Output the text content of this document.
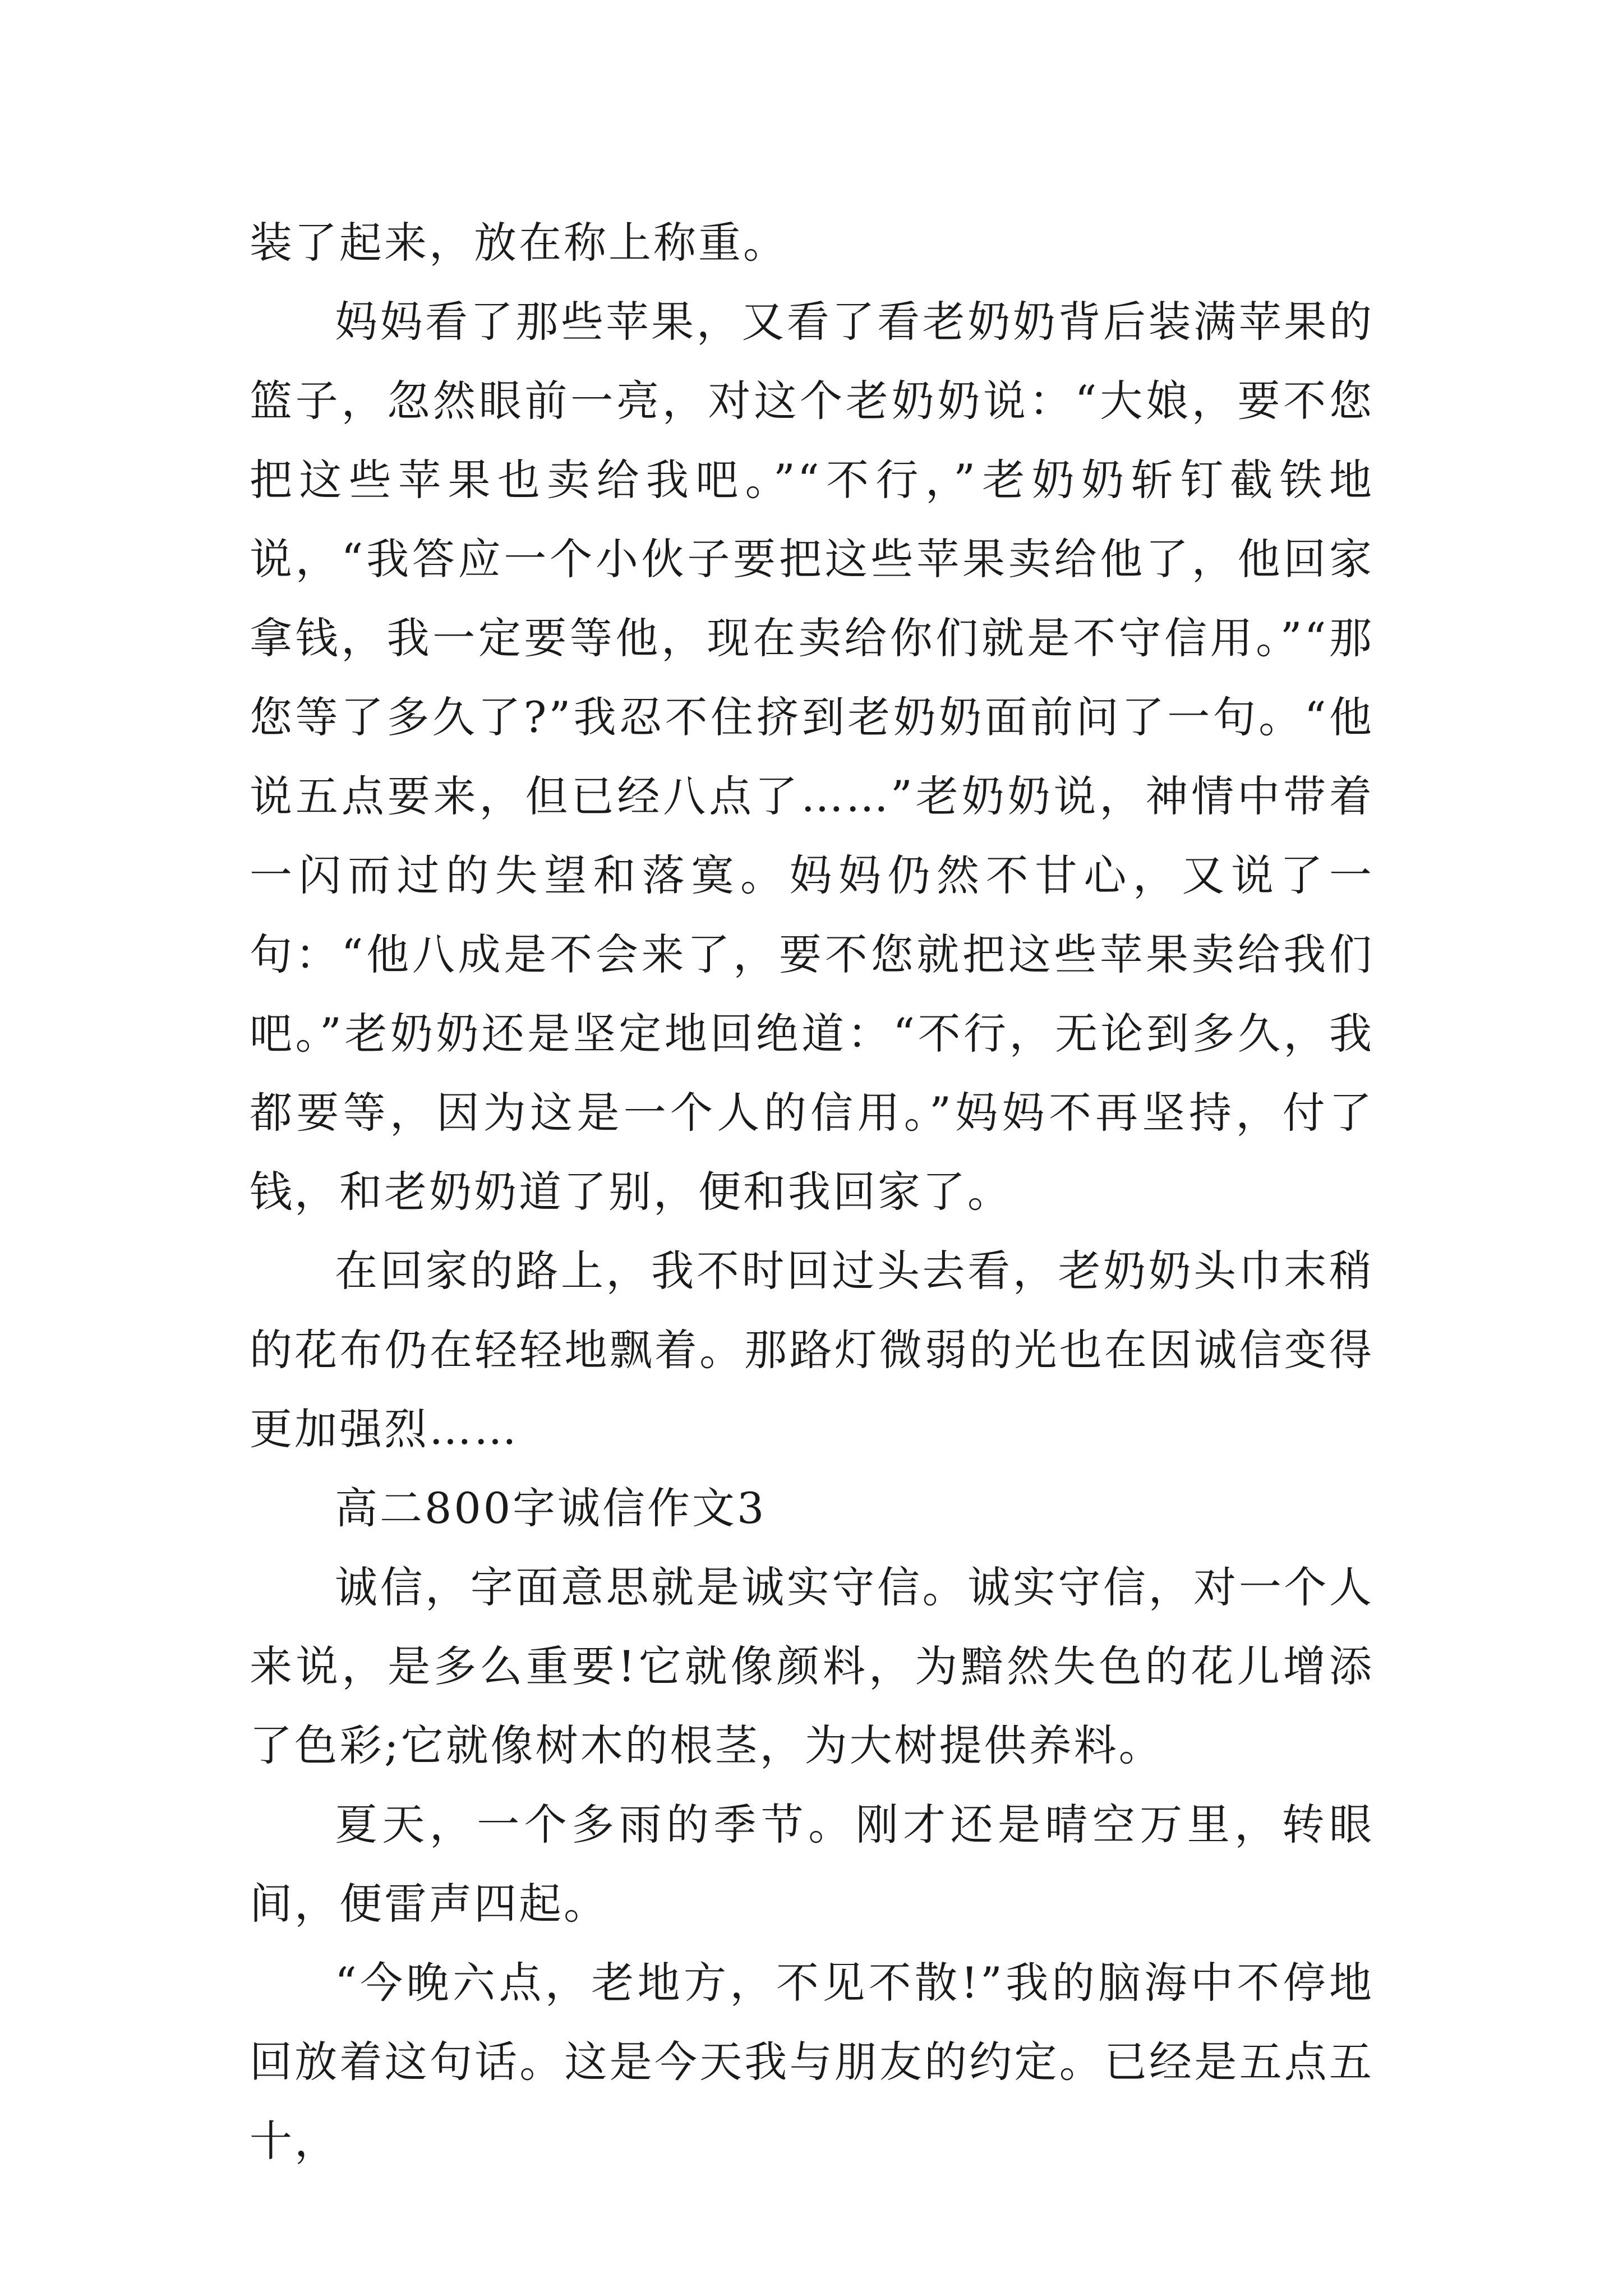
装了起来，放在称上称重。

妈妈看了那些苹果，又看了看老奶奶背后装满苹果的篮子，忽然眼前一亮，对这个老奶奶说：“大娘，要不您把这些苹果也卖给我吧。”“不行，”老奶奶斩钉截铁地说，“我答应一个小伙子要把这些苹果卖给他了，他回家拿钱，我一定要等他，现在卖给你们就是不守信用。”“那您等了多久了?”我忍不住挤到老奶奶面前问了一句。“他说五点要来，但已经八点了……”老奶奶说，神情中带着一闪而过的失望和落寞。妈妈仍然不甘心，又说了一句：“他八成是不会来了，要不您就把这些苹果卖给我们吧。”老奶奶还是坚定地回绝道：“不行，无论到多久，我都要等，因为这是一个人的信用。”妈妈不再坚持，付了钱，和老奶奶道了别，便和我回家了。

在回家的路上，我不时回过头去看，老奶奶头巾末稍的花布仍在轻轻地飘着。那路灯微弱的光也在因诚信变得更加强烈……

高二800字诚信作文3

诚信，字面意思就是诚实守信。诚实守信，对一个人来说，是多么重要!它就像颜料，为黯然失色的花儿增添了色彩;它就像树木的根茎，为大树提供养料。

夏天，一个多雨的季节。刚才还是晴空万里，转眼间，便雷声四起。

“今晚六点，老地方，不见不散!”我的脑海中不停地回放着这句话。这是今天我与朋友的约定。已经是五点五十，
